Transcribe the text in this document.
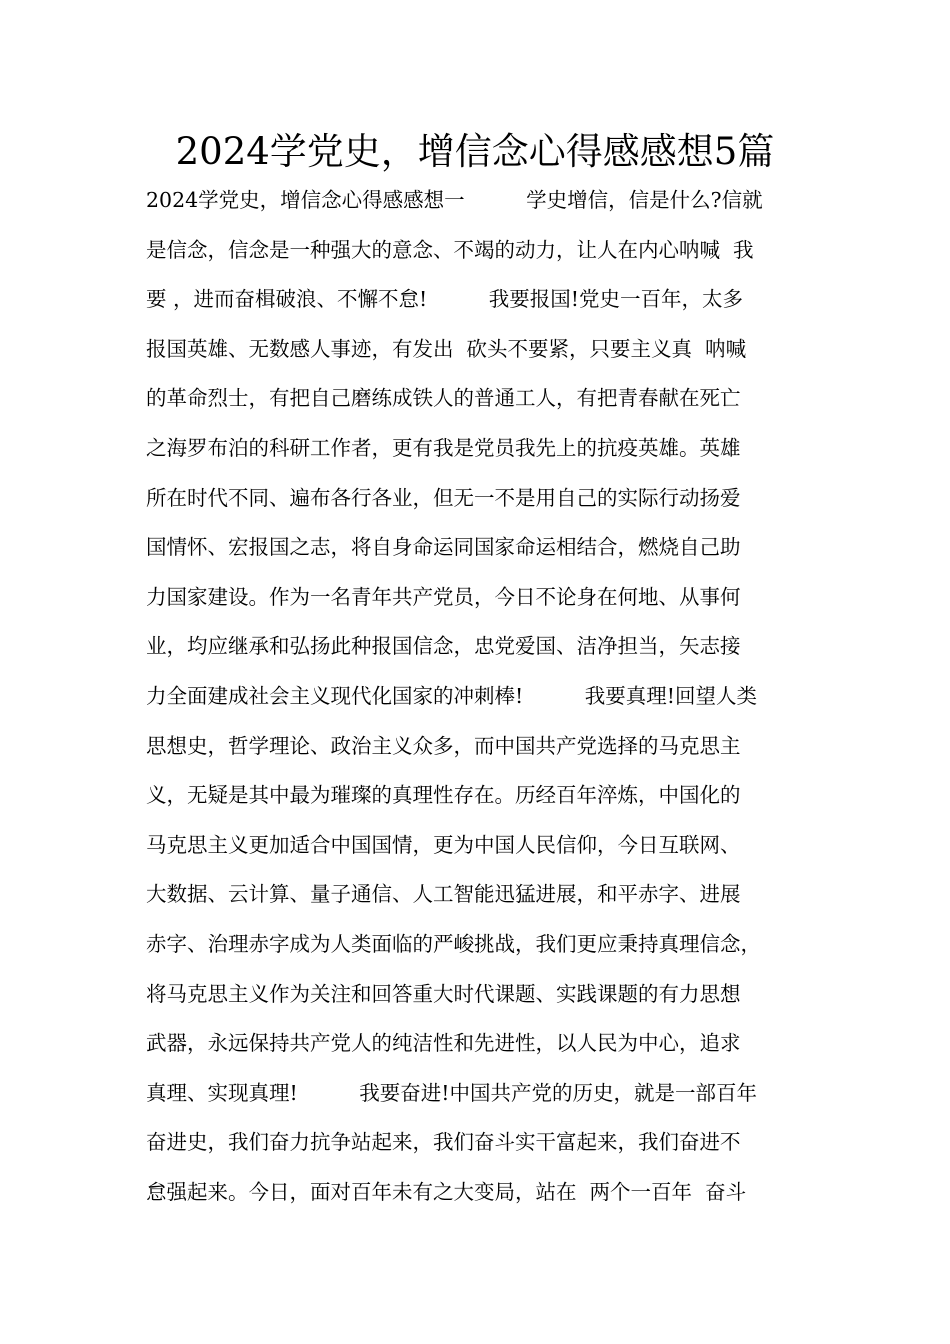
2024学党史，增信念心得感感想5篇
2024学党史，增信念心得感感想一　　　学史增信，信是什么?信就
是信念，信念是一种强大的意念、不竭的动力，让人在内心呐喊  我
要 ，进而奋楫破浪、不懈不怠!　　　我要报国!党史一百年，太多
报国英雄、无数感人事迹，有发出  砍头不要紧，只要主义真  呐喊
的革命烈士，有把自己磨练成铁人的普通工人，有把青春献在死亡
之海罗布泊的科研工作者，更有我是党员我先上的抗疫英雄。英雄
所在时代不同、遍布各行各业，但无一不是用自己的实际行动扬爱
国情怀、宏报国之志，将自身命运同国家命运相结合，燃烧自己助
力国家建设。作为一名青年共产党员，今日不论身在何地、从事何
业，均应继承和弘扬此种报国信念，忠党爱国、洁净担当，矢志接
力全面建成社会主义现代化国家的冲刺棒!　　　我要真理!回望人类
思想史，哲学理论、政治主义众多，而中国共产党选择的马克思主
义，无疑是其中最为璀璨的真理性存在。历经百年淬炼，中国化的
马克思主义更加适合中国国情，更为中国人民信仰，今日互联网、
大数据、云计算、量子通信、人工智能迅猛进展，和平赤字、进展
赤字、治理赤字成为人类面临的严峻挑战，我们更应秉持真理信念，
将马克思主义作为关注和回答重大时代课题、实践课题的有力思想
武器，永远保持共产党人的纯洁性和先进性，以人民为中心，追求
真理、实现真理!　　　我要奋进!中国共产党的历史，就是一部百年
奋进史，我们奋力抗争站起来，我们奋斗实干富起来，我们奋进不
怠强起来。今日，面对百年未有之大变局，站在  两个一百年  奋斗
